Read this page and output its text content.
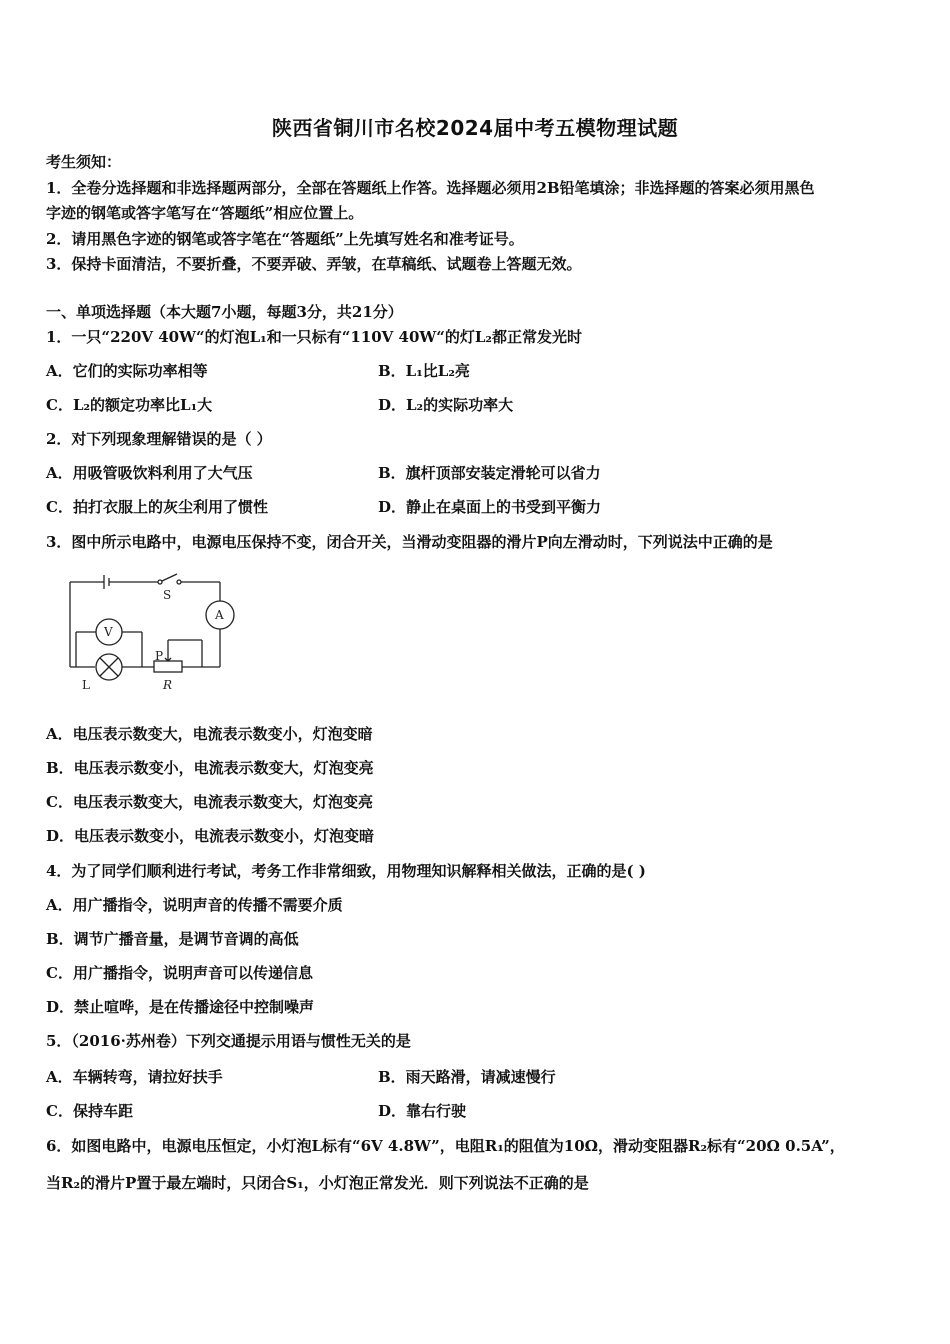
陕西省铜川市名校2024届中考五模物理试题
考生须知：
1．全卷分选择题和非选择题两部分，全部在答题纸上作答。选择题必须用2B铅笔填涂；非选择题的答案必须用黑色
字迹的钢笔或答字笔写在“答题纸”相应位置上。
2．请用黑色字迹的钢笔或答字笔在“答题纸”上先填写姓名和准考证号。
3．保持卡面清洁，不要折叠，不要弄破、弄皱，在草稿纸、试题卷上答题无效。
一、单项选择题（本大题7小题，每题3分，共21分）
1．一只“220V 40W“的灯泡L₁和一只标有“110V 40W“的灯L₂都正常发光时
A．它们的实际功率相等	B．L₁比L₂亮
C．L₂的额定功率比L₁大	D．L₂的实际功率大
2．对下列现象理解错误的是（ ）
A．用吸管吸饮料利用了大气压	B．旗杆顶部安装定滑轮可以省力
C．拍打衣服上的灰尘利用了惯性	D．静止在桌面上的书受到平衡力
3．图中所示电路中，电源电压保持不变，闭合开关，当滑动变阻器的滑片P向左滑动时，下列说法中正确的是
S
A
V
L
P
R
A．电压表示数变大，电流表示数变小，灯泡变暗
B．电压表示数变小，电流表示数变大，灯泡变亮
C．电压表示数变大，电流表示数变大，灯泡变亮
D．电压表示数变小，电流表示数变小，灯泡变暗
4．为了同学们顺利进行考试，考务工作非常细致，用物理知识解释相关做法，正确的是( )
A．用广播指令，说明声音的传播不需要介质
B．调节广播音量，是调节音调的高低
C．用广播指令，说明声音可以传递信息
D．禁止喧哗，是在传播途径中控制噪声
5．（2016·苏州卷）下列交通提示用语与惯性无关的是
A．车辆转弯，请拉好扶手	B．雨天路滑，请减速慢行
C．保持车距	D．靠右行驶
6．如图电路中，电源电压恒定，小灯泡L标有“6V 4.8W”，电阻R₁的阻值为10Ω，滑动变阻器R₂标有“20Ω 0.5A”，
当R₂的滑片P置于最左端时，只闭合S₁，小灯泡正常发光．则下列说法不正确的是
